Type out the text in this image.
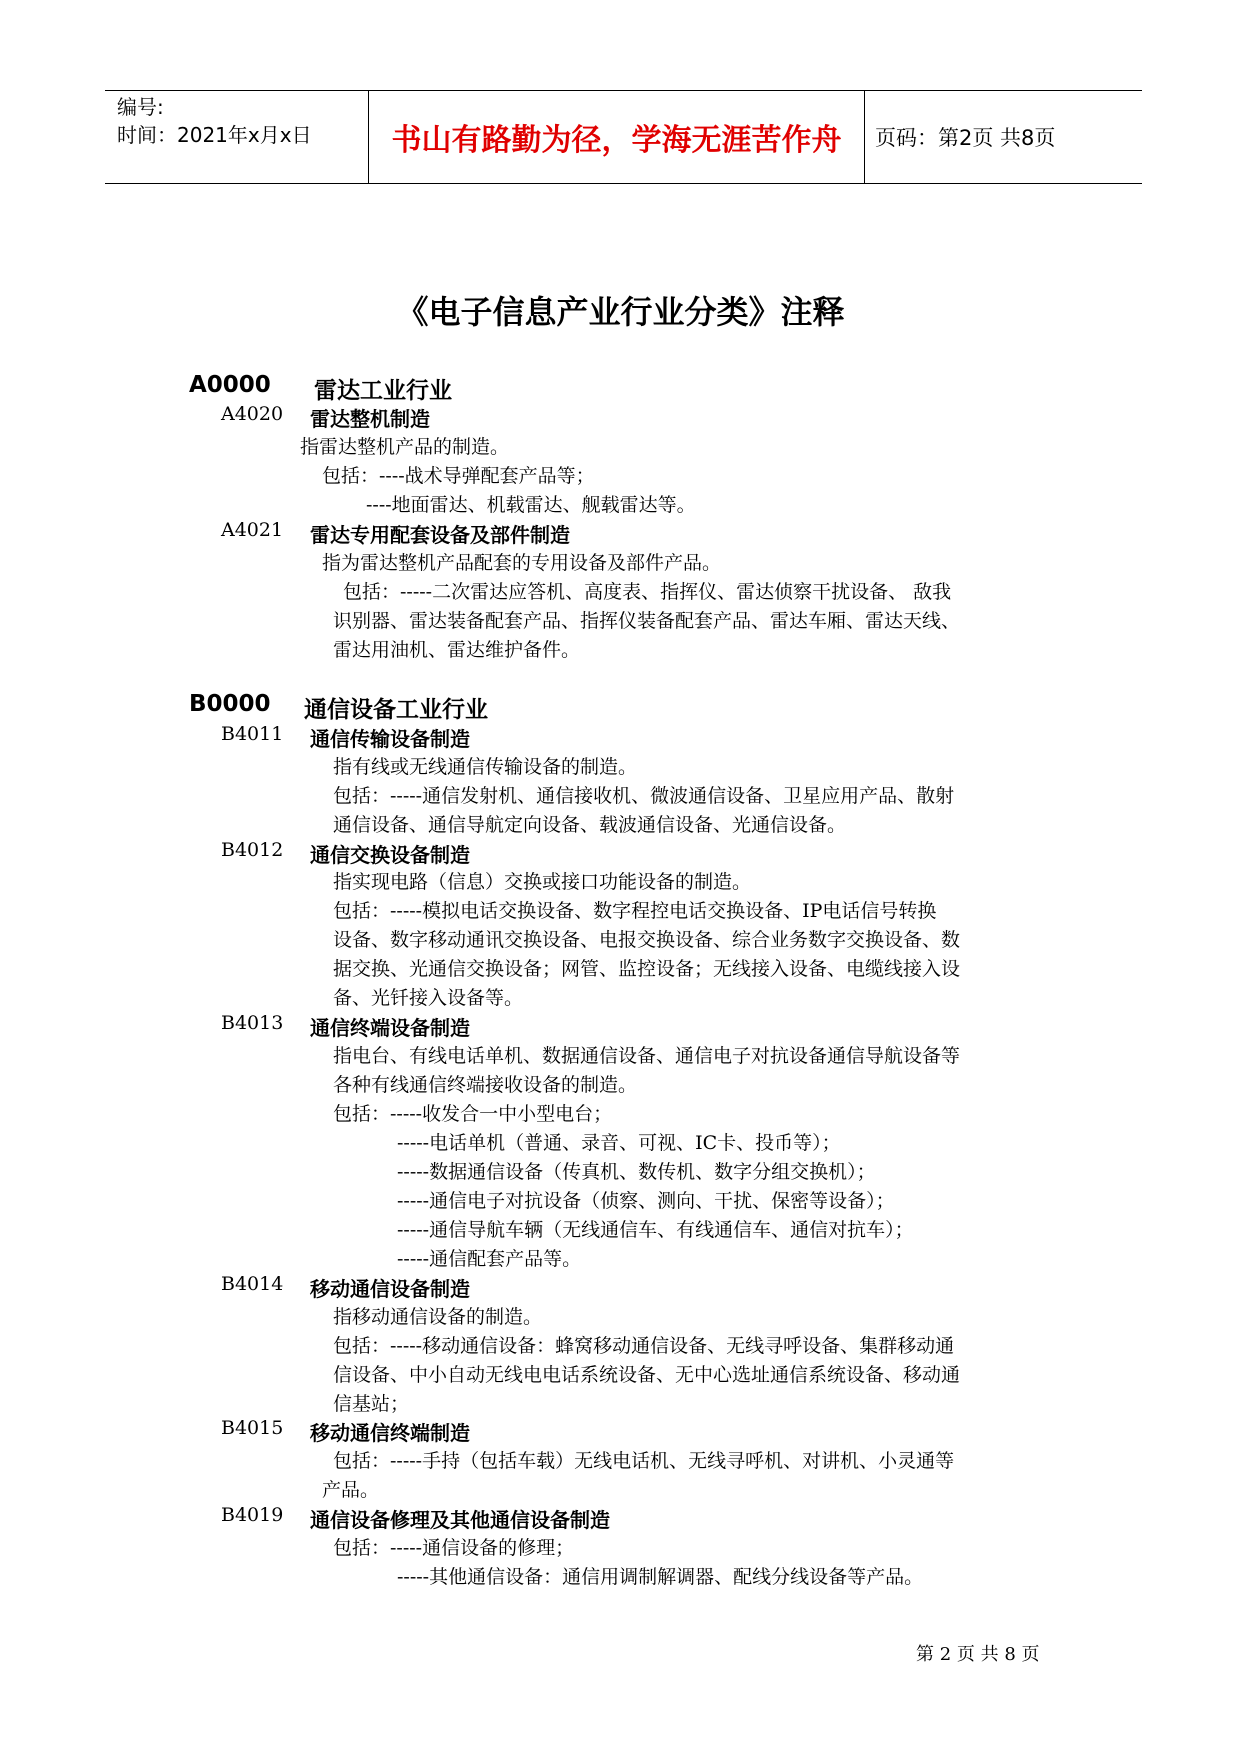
编号:
时间：2021年x月x日	书山有路勤为径，学海无涯苦作舟	页码：第2页 共8页
《电子信息产业行业分类》注释
A0000 雷达工业行业
A4020 雷达整机制造
指雷达整机产品的制造。
包括：----战术导弹配套产品等；
----地面雷达、机载雷达、舰载雷达等。
A4021 雷达专用配套设备及部件制造
指为雷达整机产品配套的专用设备及部件产品。
包括：-----二次雷达应答机、高度表、指挥仪、雷达侦察干扰设备、 敌我
识别器、雷达装备配套产品、指挥仪装备配套产品、雷达车厢、雷达天线、
雷达用油机、雷达维护备件。
B0000 通信设备工业行业
B4011 通信传输设备制造
指有线或无线通信传输设备的制造。
包括：-----通信发射机、通信接收机、微波通信设备、卫星应用产品、散射
通信设备、通信导航定向设备、载波通信设备、光通信设备。
B4012 通信交换设备制造
指实现电路（信息）交换或接口功能设备的制造。
包括：-----模拟电话交换设备、数字程控电话交换设备、IP电话信号转换
设备、数字移动通讯交换设备、电报交换设备、综合业务数字交换设备、数
据交换、光通信交换设备；网管、监控设备；无线接入设备、电缆线接入设
备、光钎接入设备等。
B4013 通信终端设备制造
指电台、有线电话单机、数据通信设备、通信电子对抗设备通信导航设备等
各种有线通信终端接收设备的制造。
包括：-----收发合一中小型电台；
-----电话单机（普通、录音、可视、IC卡、投币等）；
-----数据通信设备（传真机、数传机、数字分组交换机）；
-----通信电子对抗设备（侦察、测向、干扰、保密等设备）；
-----通信导航车辆（无线通信车、有线通信车、通信对抗车）；
-----通信配套产品等。
B4014 移动通信设备制造
指移动通信设备的制造。
包括：-----移动通信设备：蜂窝移动通信设备、无线寻呼设备、集群移动通
信设备、中小自动无线电电话系统设备、无中心选址通信系统设备、移动通
信基站；
B4015 移动通信终端制造
包括：-----手持（包括车载）无线电话机、无线寻呼机、对讲机、小灵通等
产品。
B4019 通信设备修理及其他通信设备制造
包括：-----通信设备的修理；
-----其他通信设备：通信用调制解调器、配线分线设备等产品。
第 2 页 共 8 页
